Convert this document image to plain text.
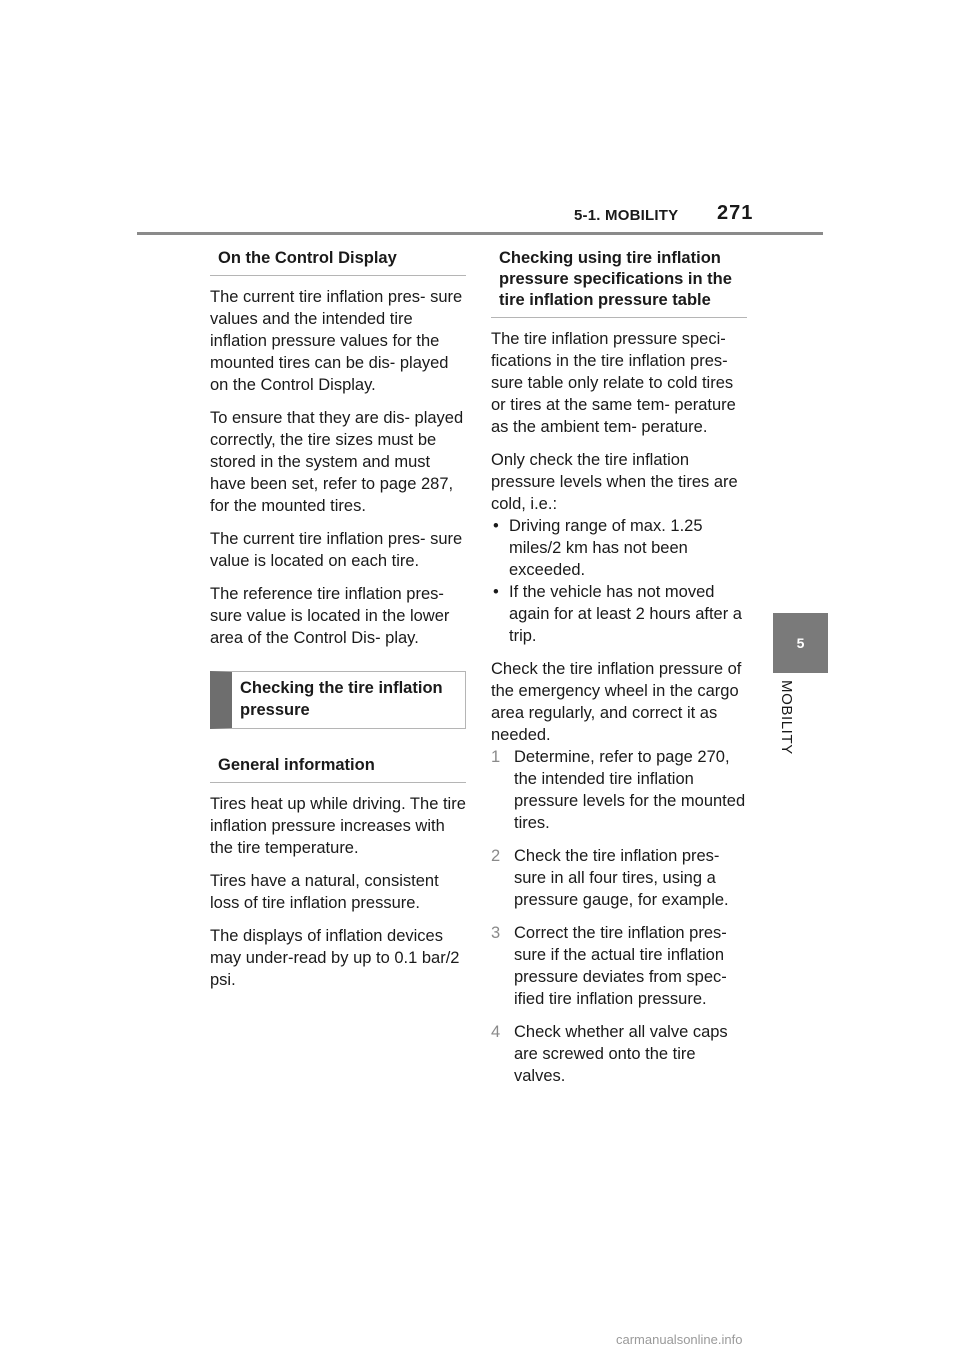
5-1. MOBILITY 271
5
MOBILITY
On the Control Display

The current tire inflation pres- sure values and the intended tire inflation pressure values for the mounted tires can be dis- played on the Control Display.

To ensure that they are dis- played correctly, the tire sizes must be stored in the system and must have been set, refer to page 287, for the mounted tires.

The current tire inflation pres- sure value is located on each tire.

The reference tire inflation pres- sure value is located in the lower area of the Control Dis- play.

Checking the tire inflation pressure
General information

Tires heat up while driving. The tire inflation pressure increases with the tire temperature.

Tires have a natural, consistent loss of tire inflation pressure.

The displays of inflation devices may under-read by up to 0.1 bar/2 psi.

Checking using tire inflation pressure specifications in the tire inflation pressure table

The tire inflation pressure speci- fications in the tire inflation pres- sure table only relate to cold tires or tires at the same tem- perature as the ambient tem- perature.

Only check the tire inflation pressure levels when the tires are cold, i.e.:

• Driving range of max. 1.25 miles/2 km has not been exceeded.
• If the vehicle has not moved again for at least 2 hours after a trip.

Check the tire inflation pressure of the emergency wheel in the cargo area regularly, and correct it as needed.

1 Determine, refer to page 270, the intended tire inflation pressure levels for the mounted tires.
2 Check the tire inflation pres- sure in all four tires, using a pressure gauge, for example.
3 Correct the tire inflation pres- sure if the actual tire inflation pressure deviates from spec- ified tire inflation pressure.
4 Check whether all valve caps are screwed onto the tire valves.
carmanualsonline.info
